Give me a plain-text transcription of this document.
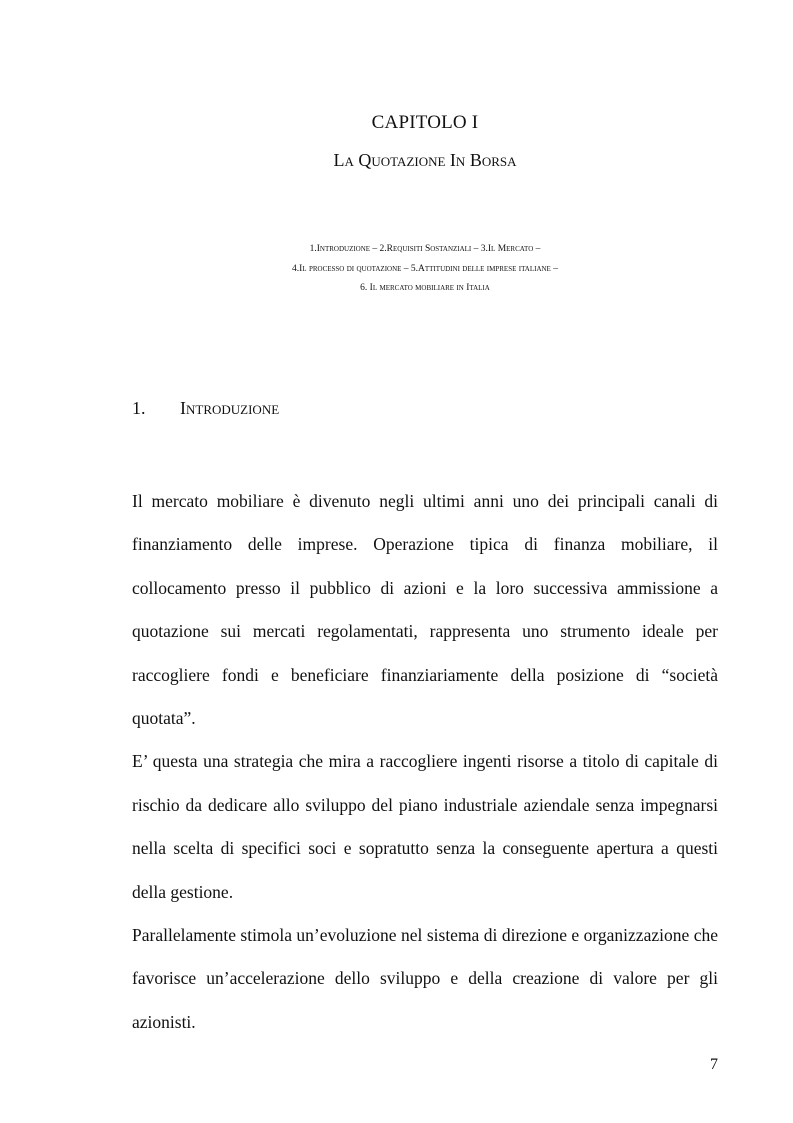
CAPITOLO I
La Quotazione In Borsa
1.Introduzione – 2.Requisiti Sostanziali – 3.Il Mercato –
4.Il processo di quotazione – 5.Attitudini delle imprese italiane –
6. Il mercato mobiliare in Italia
1. Introduzione

Il mercato mobiliare è divenuto negli ultimi anni uno dei principali canali di finanziamento delle imprese. Operazione tipica di finanza mobiliare, il collocamento presso il pubblico di azioni e la loro successiva ammissione a quotazione sui mercati regolamentati, rappresenta uno strumento ideale per raccogliere fondi e beneficiare finanziariamente della posizione di “società quotata”.

E’ questa una strategia che mira a raccogliere ingenti risorse a titolo di capitale di rischio da dedicare allo sviluppo del piano industriale aziendale senza impegnarsi nella scelta di specifici soci e sopratutto senza la conseguente apertura a questi della gestione.

Parallelamente stimola un’evoluzione nel sistema di direzione e organizzazione che favorisce un’accelerazione dello sviluppo e della creazione di valore per gli azionisti.

7
